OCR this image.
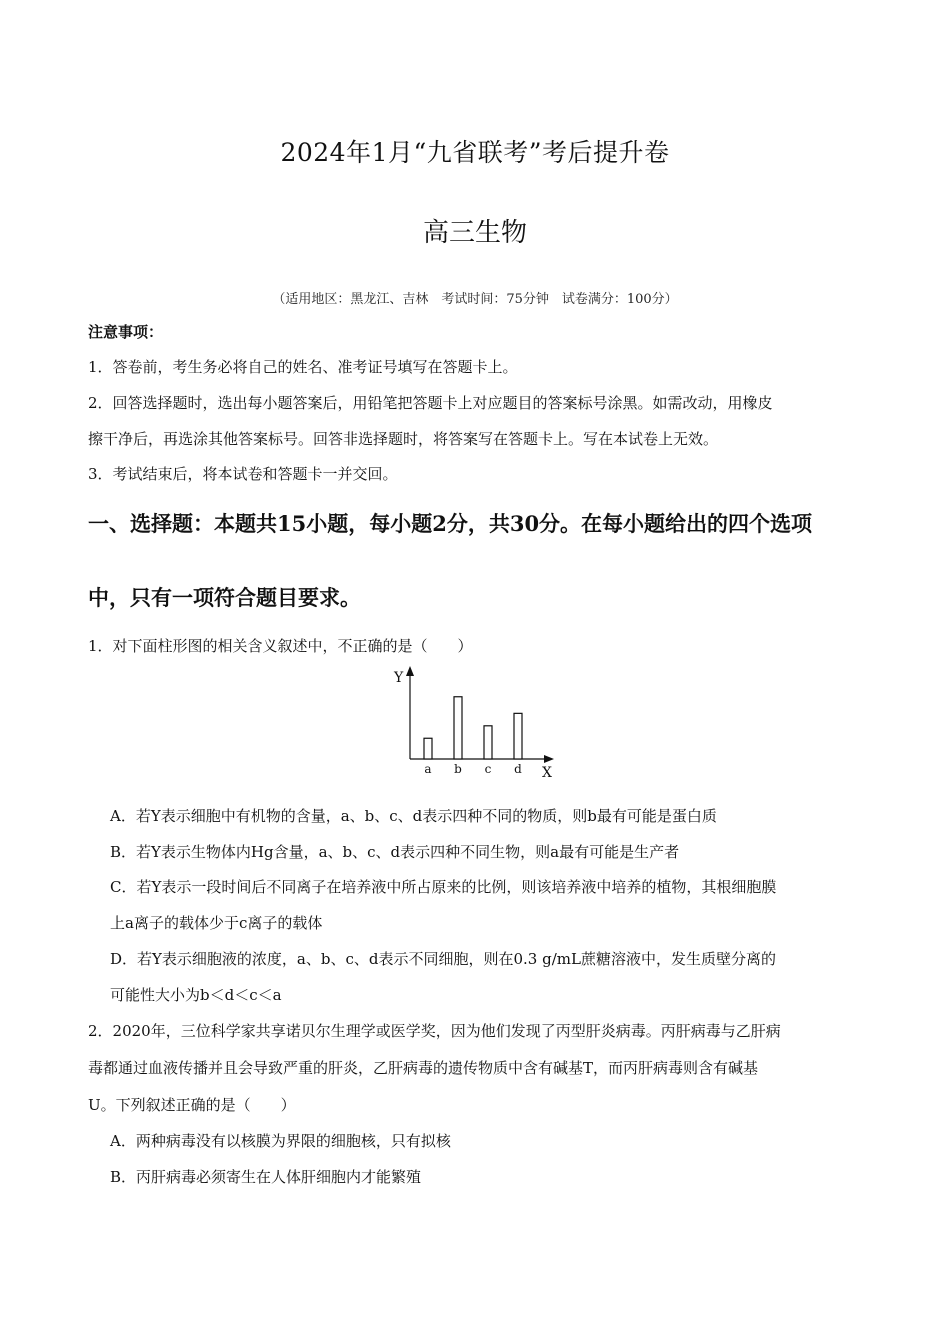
2024年1月“九省联考”考后提升卷
高三生物
（适用地区：黑龙江、吉林　考试时间：75分钟　试卷满分：100分）
注意事项：
1．答卷前，考生务必将自己的姓名、准考证号填写在答题卡上。
2．回答选择题时，选出每小题答案后，用铅笔把答题卡上对应题目的答案标号涂黑。如需改动，用橡皮
擦干净后，再选涂其他答案标号。回答非选择题时，将答案写在答题卡上。写在本试卷上无效。
3．考试结束后，将本试卷和答题卡一并交回。
一、选择题：本题共15小题，每小题2分，共30分。在每小题给出的四个选项
中，只有一项符合题目要求。
1．对下面柱形图的相关含义叙述中，不正确的是（　　）
Y
X
a b c d
A．若Y表示细胞中有机物的含量，a、b、c、d表示四种不同的物质，则b最有可能是蛋白质
B．若Y表示生物体内Hg含量，a、b、c、d表示四种不同生物，则a最有可能是生产者
C．若Y表示一段时间后不同离子在培养液中所占原来的比例，则该培养液中培养的植物，其根细胞膜
上a离子的载体少于c离子的载体
D．若Y表示细胞液的浓度，a、b、c、d表示不同细胞，则在0.3 g/mL蔗糖溶液中，发生质壁分离的
可能性大小为b＜d＜c＜a
2．2020年，三位科学家共享诺贝尔生理学或医学奖，因为他们发现了丙型肝炎病毒。丙肝病毒与乙肝病
毒都通过血液传播并且会导致严重的肝炎，乙肝病毒的遗传物质中含有碱基T，而丙肝病毒则含有碱基
U。下列叙述正确的是（　　）
A．两种病毒没有以核膜为界限的细胞核，只有拟核
B．丙肝病毒必须寄生在人体肝细胞内才能繁殖
